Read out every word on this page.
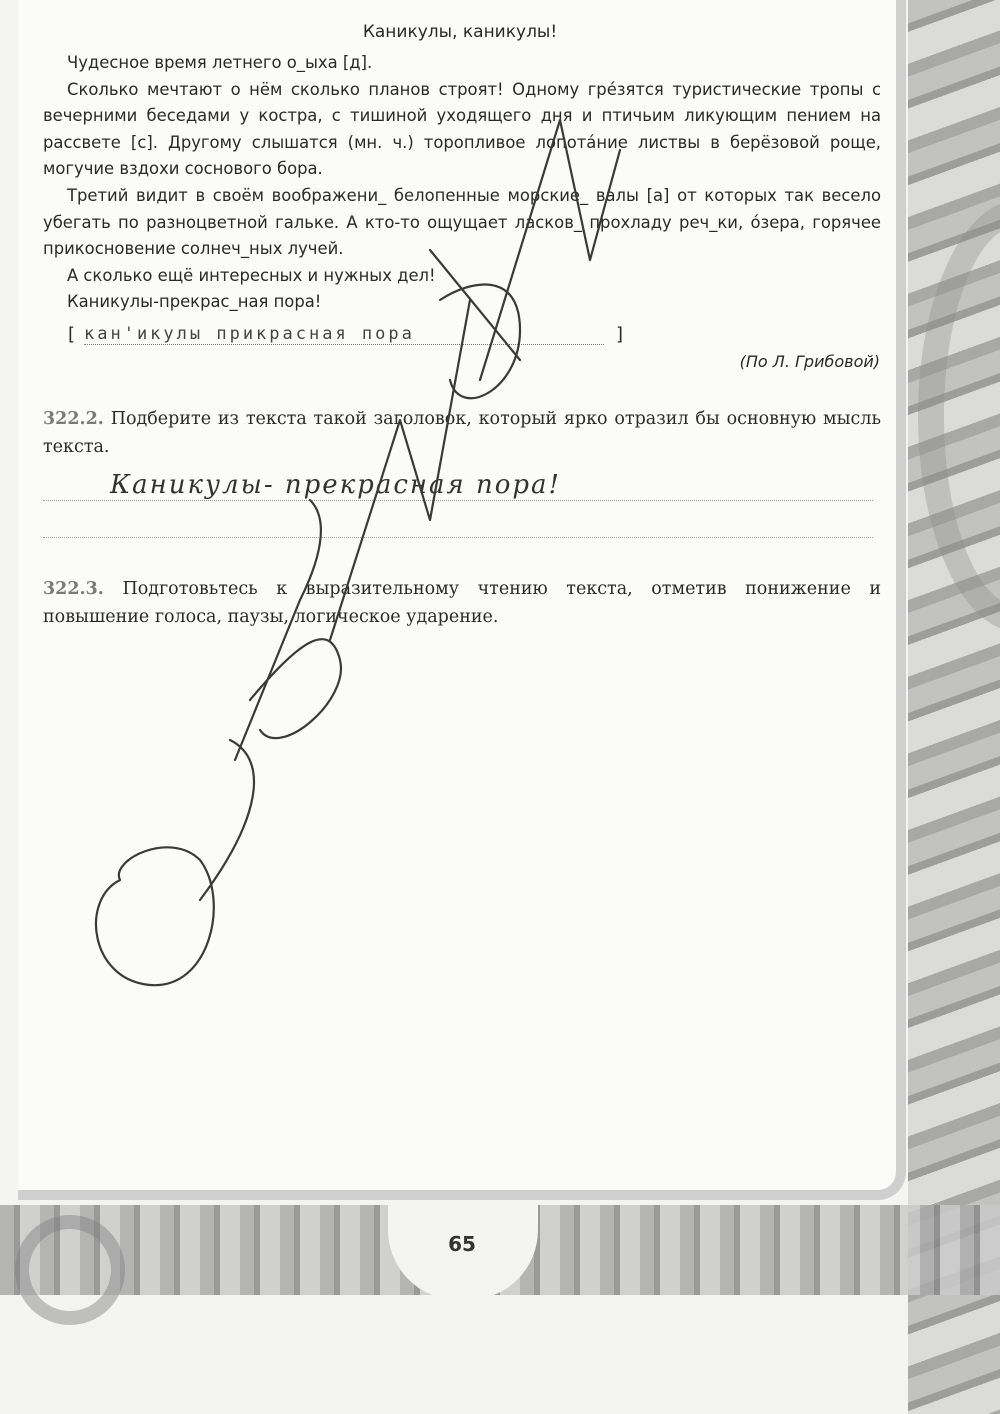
65
Каникулы, каникулы!

Чудесное время летнего о_ыха [д].

Сколько мечтают о нём сколько планов строят! Одному грéзятся туристические тропы с вечерними беседами у костра, с тишиной уходящего дня и птичьим ликующим пением на рассвете [с]. Другому слышатся (мн. ч.) торопливое лопотáние листвы в берёзовой роще, могучие вздохи соснового бора.

Третий видит в своём воображени_ белопенные морские_ валы [а] от которых так весело убегать по разноцветной гальке. А кто-то ощущает ласков_ прохладу реч_ки, óзера, горячее прикосновение солнеч_ных лучей.

А сколько ещё интересных и нужных дел!

Каникулы-прекрас_ная пора!

[ кан'икулы прикрасная пора	]
(По Л. Грибовой)
322.2. Подберите из текста такой заголовок, который ярко отразил бы основную мысль текста.
Каникулы- прекрасная пора!
322.3. Подготовьтесь к выразительному чтению текста, отметив понижение и повышение голоса, паузы, логическое ударение.
